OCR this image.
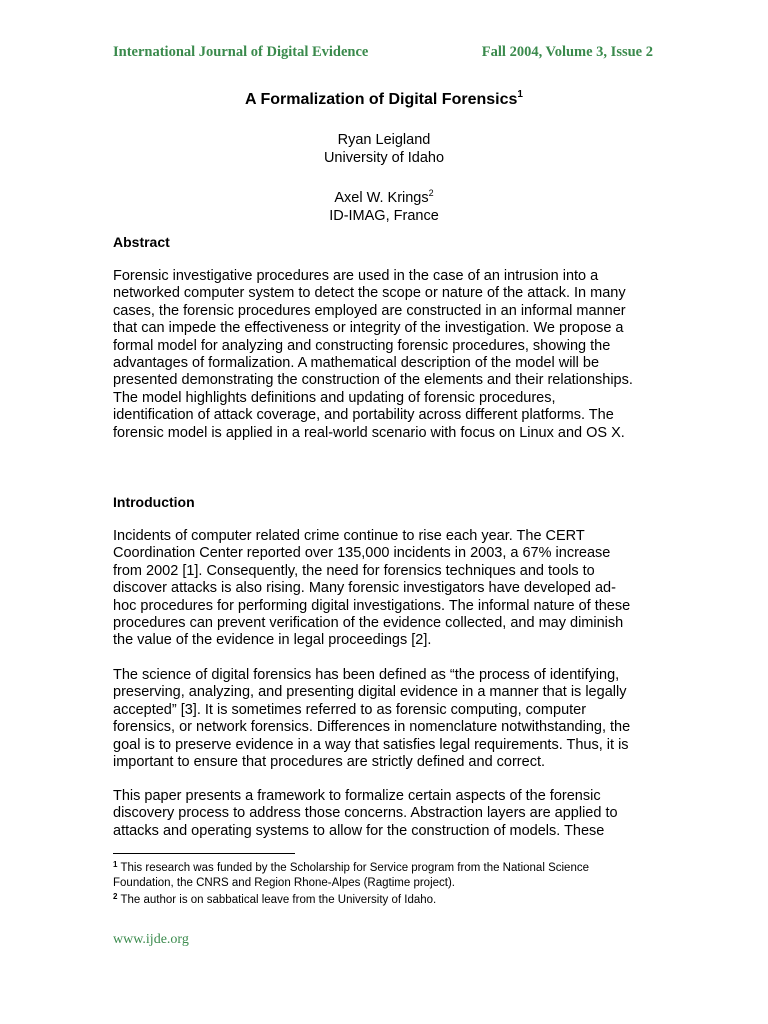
International Journal of Digital Evidence	Fall 2004, Volume 3, Issue 2
A Formalization of Digital Forensics$^1$
Ryan Leigland
University of Idaho
Axel W. Krings$^2$
ID-IMAG, France
Abstract
Forensic investigative procedures are used in the case of an intrusion into a
networked computer system to detect the scope or nature of the attack. In many
cases, the forensic procedures employed are constructed in an informal manner
that can impede the effectiveness or integrity of the investigation. We propose a
formal model for analyzing and constructing forensic procedures, showing the
advantages of formalization. A mathematical description of the model will be
presented demonstrating the construction of the elements and their relationships.
The model highlights definitions and updating of forensic procedures,
identification of attack coverage, and portability across different platforms. The
forensic model is applied in a real-world scenario with focus on Linux and OS X.
Introduction
Incidents of computer related crime continue to rise each year. The CERT
Coordination Center reported over 135,000 incidents in 2003, a 67% increase
from 2002 [1]. Consequently, the need for forensics techniques and tools to
discover attacks is also rising. Many forensic investigators have developed ad-
hoc procedures for performing digital investigations. The informal nature of these
procedures can prevent verification of the evidence collected, and may diminish
the value of the evidence in legal proceedings [2].
The science of digital forensics has been defined as “the process of identifying,
preserving, analyzing, and presenting digital evidence in a manner that is legally
accepted” [3]. It is sometimes referred to as forensic computing, computer
forensics, or network forensics. Differences in nomenclature notwithstanding, the
goal is to preserve evidence in a way that satisfies legal requirements. Thus, it is
important to ensure that procedures are strictly defined and correct.
This paper presents a framework to formalize certain aspects of the forensic
discovery process to address those concerns. Abstraction layers are applied to
attacks and operating systems to allow for the construction of models. These
$^1$ This research was funded by the Scholarship for Service program from the National Science
Foundation, the CNRS and Region Rhone-Alpes (Ragtime project).
$^2$ The author is on sabbatical leave from the University of Idaho.
www.ijde.org
